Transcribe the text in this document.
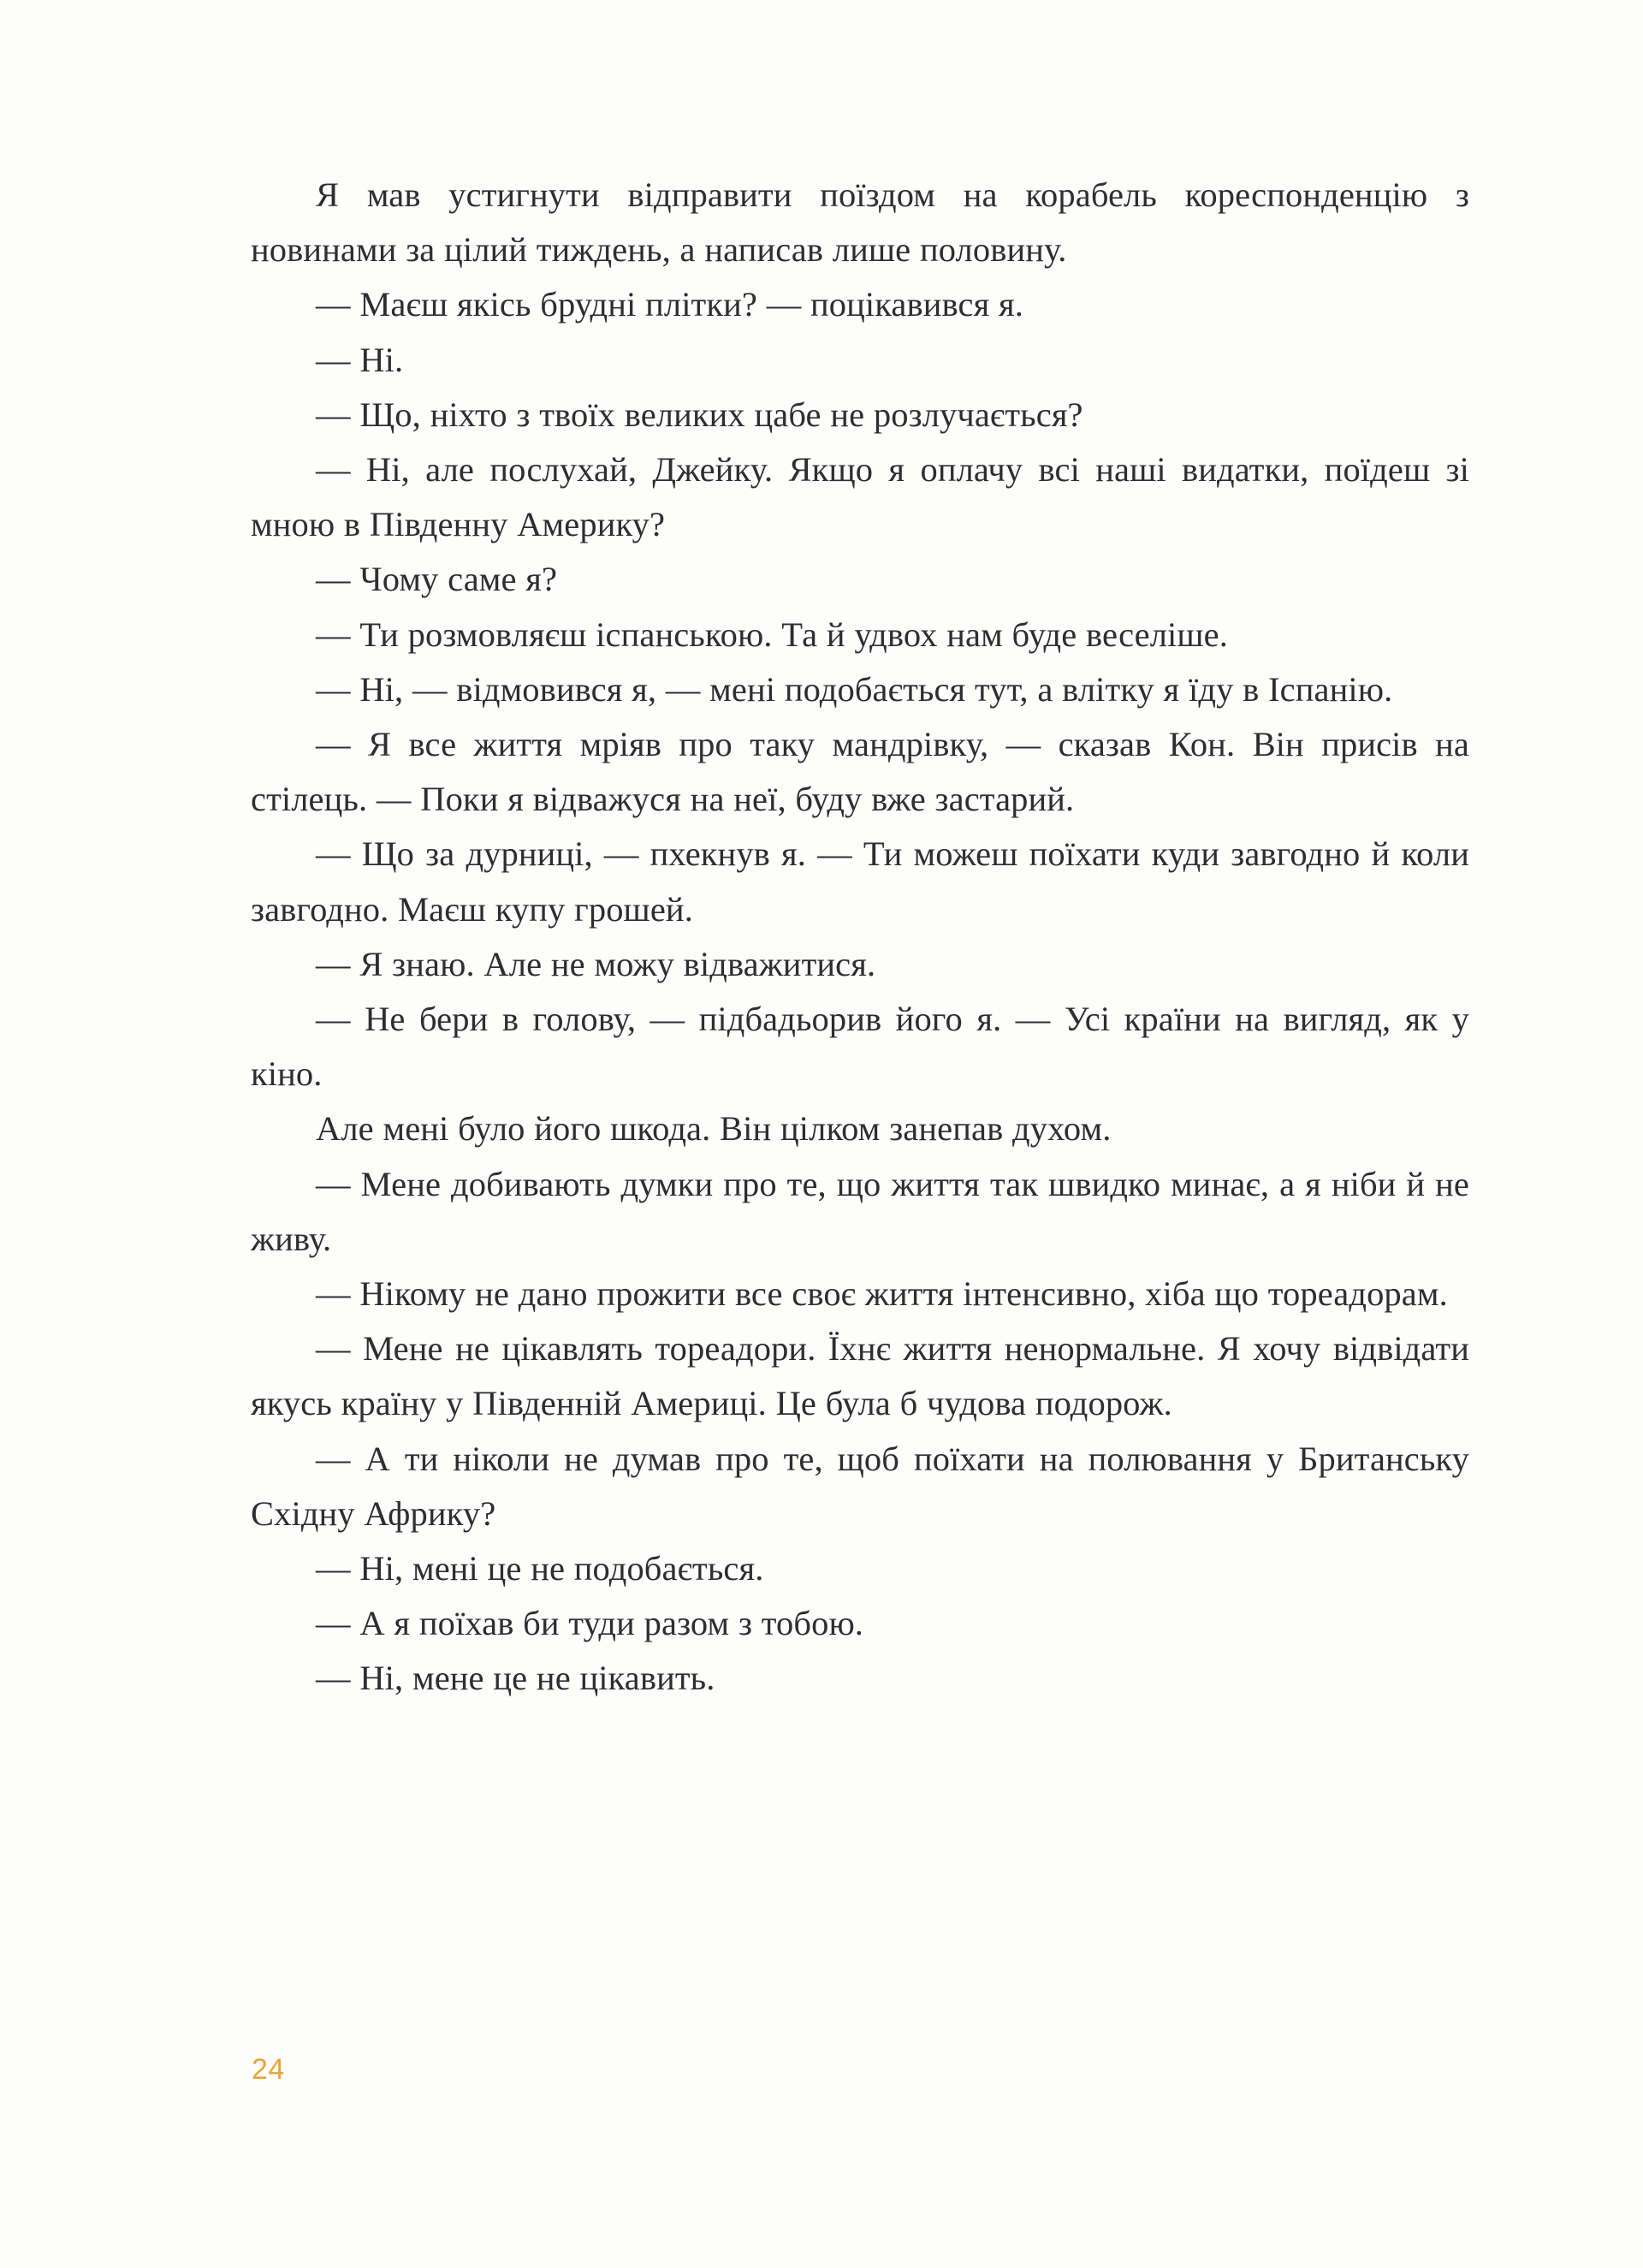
Я мав устигнути відправити поїздом на корабель кореспонденцію з новинами за цілий тиждень, а написав лише половину.

— Маєш якісь брудні плітки? — поцікавився я.

— Ні.

— Що, ніхто з твоїх великих цабе не розлучається?

— Ні, але послухай, Джейку. Якщо я оплачу всі наші видатки, поїдеш зі мною в Південну Америку?

— Чому саме я?

— Ти розмовляєш іспанською. Та й удвох нам буде веселіше.

— Ні, — відмовився я, — мені подобається тут, а влітку я їду в Іспанію.

— Я все життя мріяв про таку мандрівку, — сказав Кон. Він присів на стілець. — Поки я відважуся на неї, буду вже застарий.

— Що за дурниці, — пхекнув я. — Ти можеш поїхати куди завгодно й коли завгодно. Маєш купу грошей.

— Я знаю. Але не можу відважитися.

— Не бери в голову, — підбадьорив його я. — Усі країни на вигляд, як у кіно.

Але мені було його шкода. Він цілком занепав духом.

— Мене добивають думки про те, що життя так швидко минає, а я ніби й не живу.

— Нікому не дано прожити все своє життя інтенсивно, хіба що тореадорам.

— Мене не цікавлять тореадори. Їхнє життя ненормальне. Я хочу відвідати якусь країну у Південній Америці. Це була б чудова подорож.

— А ти ніколи не думав про те, щоб поїхати на полювання у Британську Східну Африку?

— Ні, мені це не подобається.

— А я поїхав би туди разом з тобою.

— Ні, мене це не цікавить.

24
